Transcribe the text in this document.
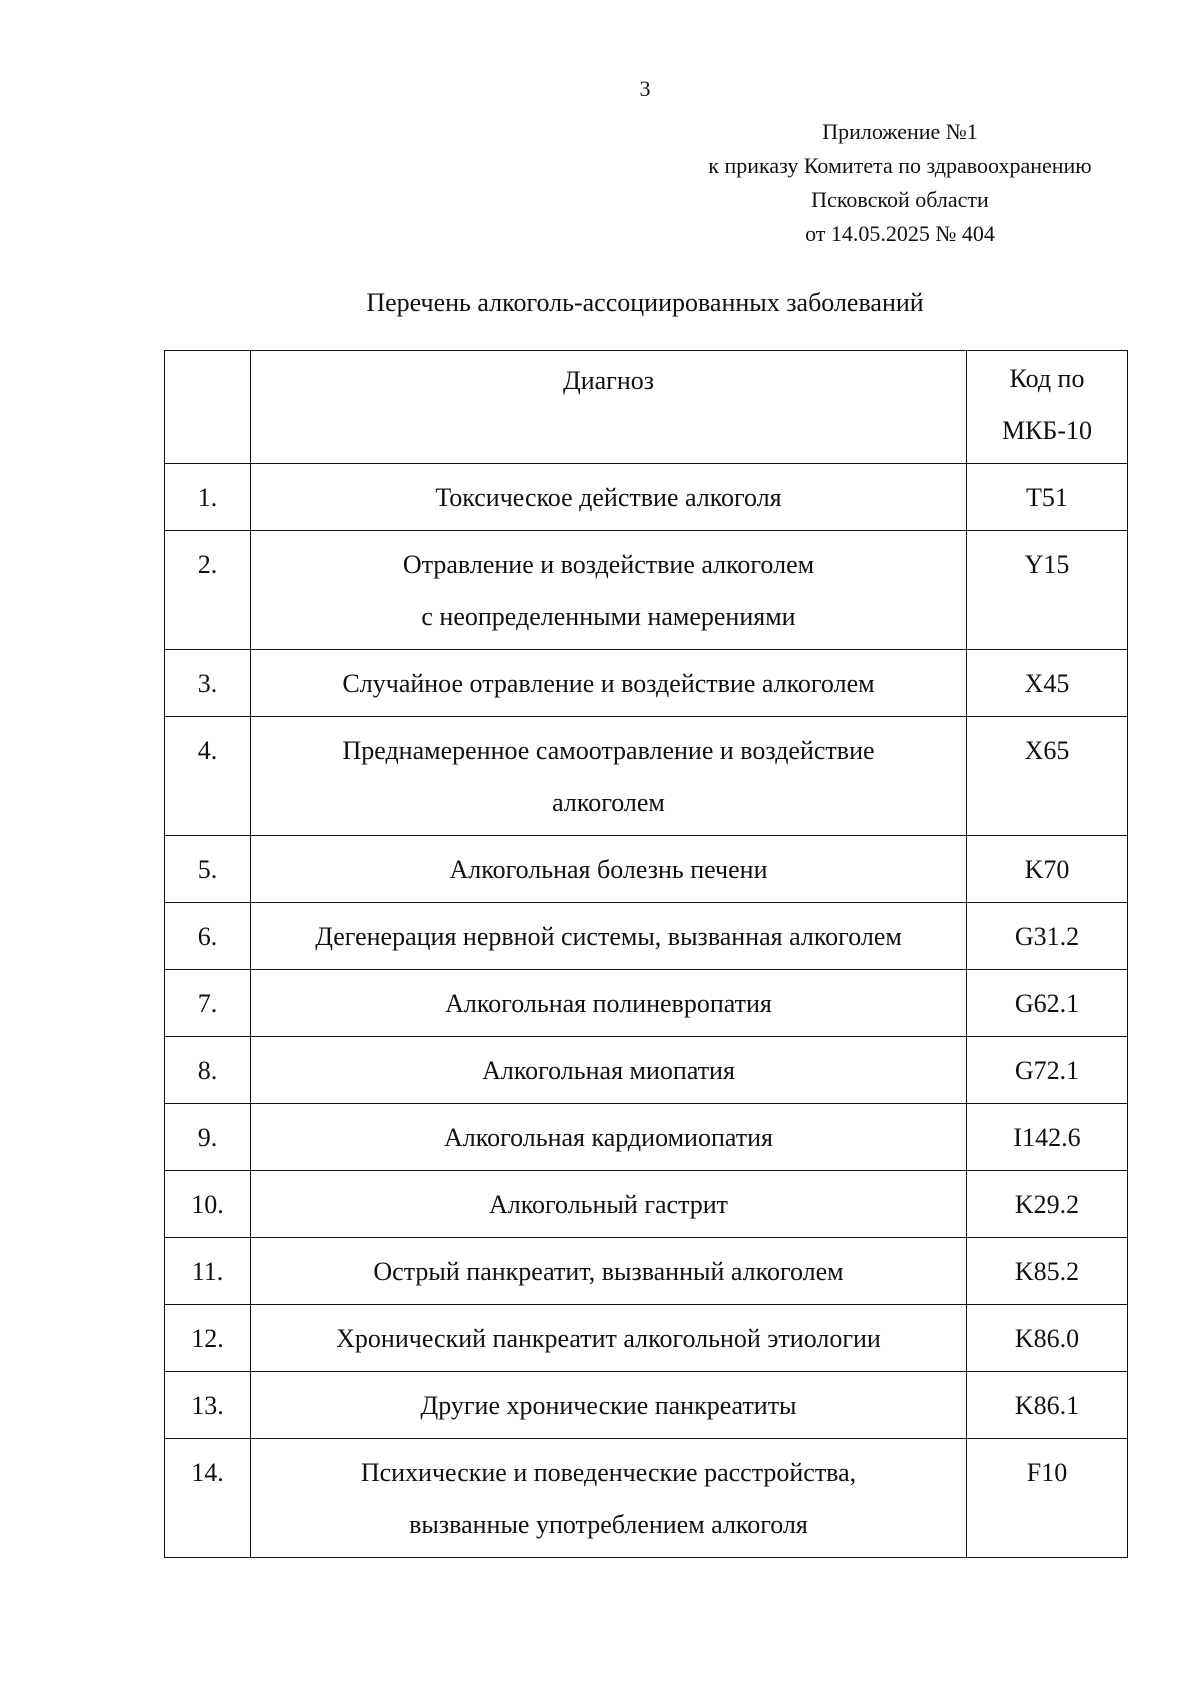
3
Приложение №1
к приказу Комитета по здравоохранению
Псковской области
от 14.05.2025 № 404
Перечень алкоголь-ассоциированных заболеваний
	Диагноз	Код по
МКБ-10

1.	Токсическое действие алкоголя	T51
2.	Отравление и воздействие алкоголем
с неопределенными намерениями	Y15
3.	Случайное отравление и воздействие алкоголем	X45
4.	Преднамеренное самоотравление и воздействие
алкоголем	X65
5.	Алкогольная болезнь печени	K70
6.	Дегенерация нервной системы, вызванная алкоголем	G31.2
7.	Алкогольная полиневропатия	G62.1
8.	Алкогольная миопатия	G72.1
9.	Алкогольная кардиомиопатия	I142.6
10.	Алкогольный гастрит	K29.2
11.	Острый панкреатит, вызванный алкоголем	K85.2
12.	Хронический панкреатит алкогольной этиологии	K86.0
13.	Другие хронические панкреатиты	K86.1
14.	Психические и поведенческие расстройства,
вызванные употреблением алкоголя	F10
